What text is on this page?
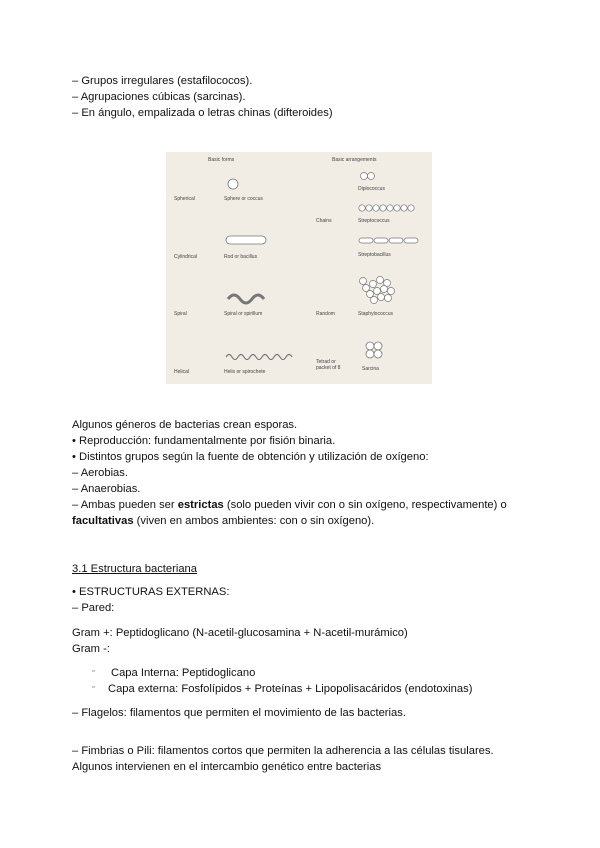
– Grupos irregulares (estafilococos).
– Agrupaciones cúbicas (sarcinas).
– En ángulo, empalizada o letras chinas (difteroides)
Basic forms	Basic arrangements
Spherical	Sphere or coccus
Cylindrical	Rod or bacillus
Spiral	Spiral or spirillum
Helical	Helix or spirochete
Diplococcus
Chains	Streptococcus
Streptobacillus
Random	Staphylococcus
Tetrad or
packet of 8	Sarcina
Algunos géneros de bacterias crean esporas.
• Reproducción: fundamentalmente por fisión binaria.
• Distintos grupos según la fuente de obtención y utilización de oxígeno:
– Aerobias.
– Anaerobias.
– Ambas pueden ser estrictas (solo pueden vivir con o sin oxígeno, respectivamente) o
facultativas (viven en ambos ambientes: con o sin oxígeno).
3.1 Estructura bacteriana
• ESTRUCTURAS EXTERNAS:
– Pared:
Gram +: Peptidoglicano (N-acetil-glucosamina + N-acetil-murámico)
Gram -:
▫ Capa Interna: Peptidoglicano
▫ Capa externa: Fosfolípidos + Proteínas + Lipopolisacáridos (endotoxinas)
– Flagelos: filamentos que permiten el movimiento de las bacterias.
– Fimbrias o Pili: filamentos cortos que permiten la adherencia a las células tisulares.
Algunos intervienen en el intercambio genético entre bacterias
